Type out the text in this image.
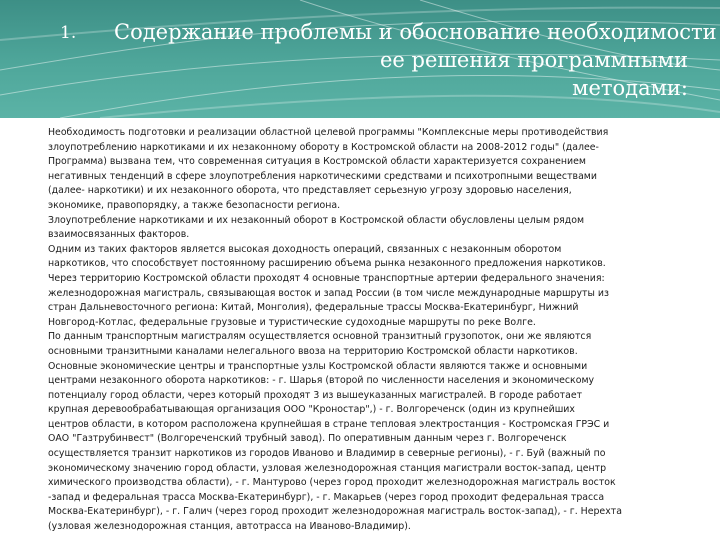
1. Содержание проблемы и обоснование необходимости
ее решения программными
методами:
Необходимость подготовки и реализации областной целевой программы "Комплексные меры противодействия
злоупотреблению наркотиками и их незаконному обороту в Костромской области на 2008-2012 годы" (далее-
Программа) вызвана тем, что современная ситуация в Костромской области характеризуется сохранением
негативных тенденций в сфере злоупотребления наркотическими средствами и психотропными веществами
(далее- наркотики) и их незаконного оборота, что представляет серьезную угрозу здоровью населения,
экономике, правопорядку, а также безопасности региона.
Злоупотребление наркотиками и их незаконный оборот в Костромской области обусловлены целым рядом
взаимосвязанных факторов.
Одним из таких факторов является высокая доходность операций, связанных с незаконным оборотом
наркотиков, что способствует постоянному расширению объема рынка незаконного предложения наркотиков.
Через территорию Костромской области проходят 4 основные транспортные артерии федерального значения:
железнодорожная магистраль, связывающая восток и запад России (в том числе международные маршруты из
стран Дальневосточного региона: Китай, Монголия), федеральные трассы Москва-Екатеринбург, Нижний
Новгород-Котлас, федеральные грузовые и туристические судоходные маршруты по реке Волге.
По данным транспортным магистралям осуществляется основной транзитный грузопоток, они же являются
основными транзитными каналами нелегального ввоза на территорию Костромской области наркотиков.
Основные экономические центры и транспортные узлы Костромской области являются также и основными
центрами незаконного оборота наркотиков: - г. Шарья (второй по численности населения и экономическому
потенциалу город области, через который проходят 3 из вышеуказанных магистралей. В городе работает
крупная деревообрабатывающая организация ООО "Кроностар",) - г. Волгореченск (один из крупнейших
центров области, в котором расположена крупнейшая в стране тепловая электростанция - Костромская ГРЭС и
ОАО "Газтрубинвест" (Волгореченский трубный завод). По оперативным данным через г. Волгореченск
осуществляется транзит наркотиков из городов Иваново и Владимир в северные регионы), - г. Буй (важный по
экономическому значению город области, узловая железнодорожная станция магистрали восток-запад, центр
химического производства области), - г. Мантурово (через город проходит железнодорожная магистраль восток
-запад и федеральная трасса Москва-Екатеринбург), - г. Макарьев (через город проходит федеральная трасса
Москва-Екатеринбург), - г. Галич (через город проходит железнодорожная магистраль восток-запад), - г. Нерехта
(узловая железнодорожная станция, автотрасса на Иваново-Владимир).
